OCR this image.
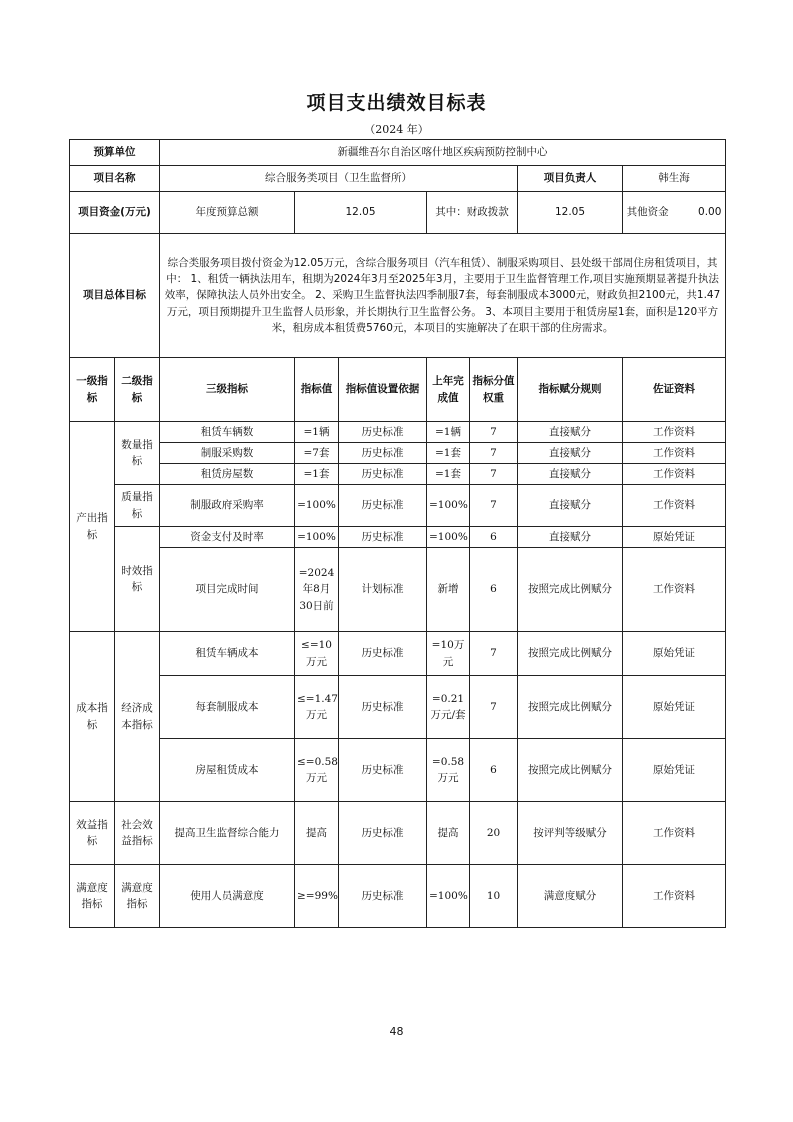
项目支出绩效目标表
（2024 年）
预算单位		新疆维吾尔自治区喀什地区疾病预防控制中心						
项目名称		综合服务类项目（卫生监督所）					项目负责人	韩生海
项目资金(万元)		年度预算总额	12.05		其中：财政拨款		12.05	其他资金 0.00
项目总体目标		综合类服务项目拨付资金为12.05万元，含综合服务项目（汽车租赁）、制服采购项目、县处级干部周住房租赁项目，其中： 1、租赁一辆执法用车，租期为2024年3月至2025年3月，主要用于卫生监督管理工作,项目实施预期显著提升执法效率，保障执法人员外出安全。 2、采购卫生监督执法四季制服7套，每套制服成本3000元，财政负担2100元，共1.47万元，项目预期提升卫生监督人员形象，并长期执行卫生监督公务。 3、本项目主要用于租赁房屋1套，面积是120平方米，租房成本租赁费5760元，本项目的实施解决了在职干部的住房需求。						
一级指标	二级指标	三级指标	指标值	指标值设置依据	上年完成值	指标分值权重	指标赋分规则	佐证资料
产出指标	数量指标	租赁车辆数	=1辆	历史标准	=1辆	7	直接赋分	工作资料
		制服采购数	=7套	历史标准	=1套	7	直接赋分	工作资料
		租赁房屋数	=1套	历史标准	=1套	7	直接赋分	工作资料
	质量指标	制服政府采购率	=100%	历史标准	=100%	7	直接赋分	工作资料
	时效指标	资金支付及时率	=100%	历史标准	=100%	6	直接赋分	原始凭证
		项目完成时间	=2024年8月30日前	计划标准	新增	6	按照完成比例赋分	工作资料
成本指标	经济成本指标	租赁车辆成本	≤=10万元	历史标准	=10万元	7	按照完成比例赋分	原始凭证
		每套制服成本	≤=1.47万元	历史标准	=0.21万元/套	7	按照完成比例赋分	原始凭证
		房屋租赁成本	≤=0.58万元	历史标准	=0.58万元	6	按照完成比例赋分	原始凭证
效益指标	社会效益指标	提高卫生监督综合能力	提高	历史标准	提高	20	按评判等级赋分	工作资料
满意度指标	满意度指标	使用人员满意度	≥=99%	历史标准	=100%	10	满意度赋分	工作资料
48
